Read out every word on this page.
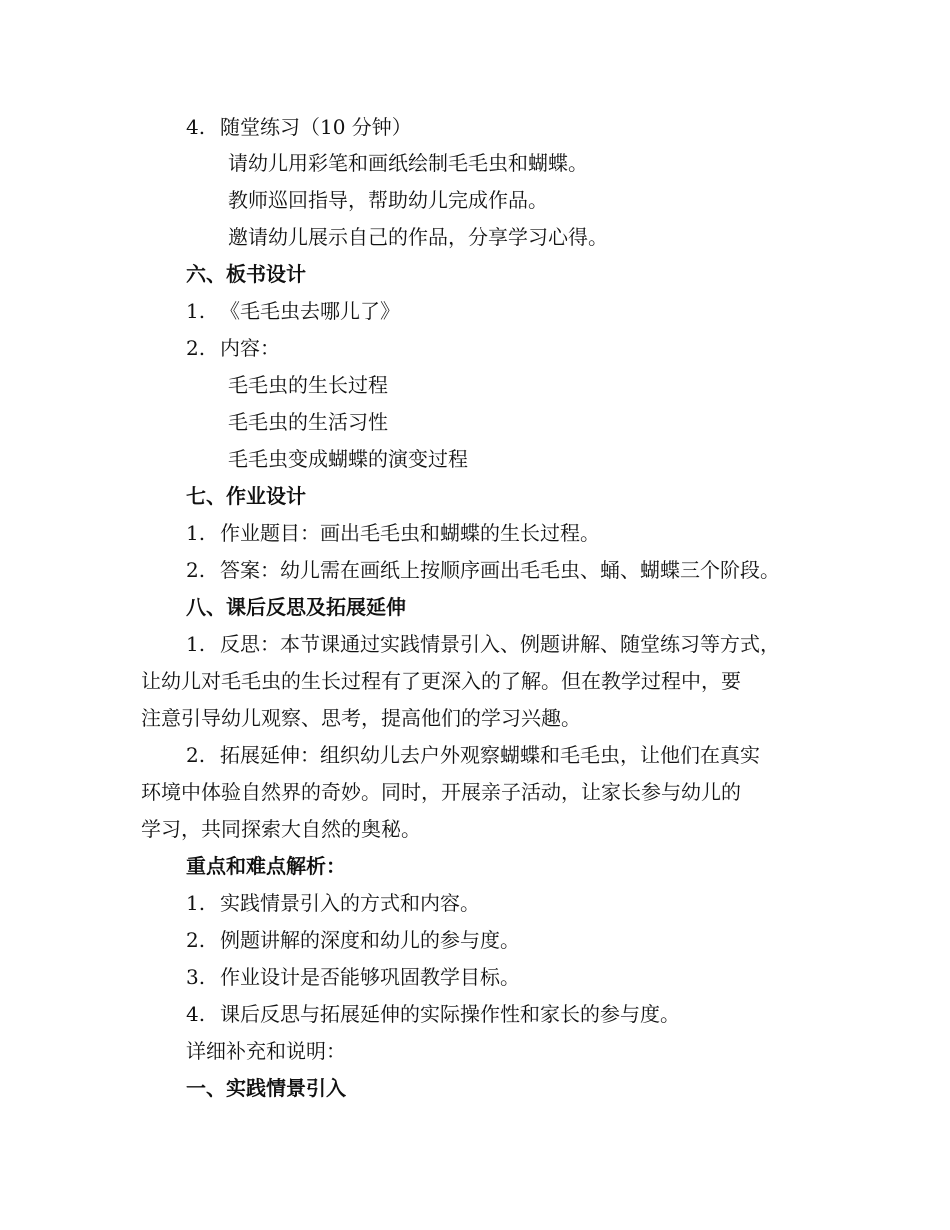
4. 随堂练习（10 分钟）
请幼儿用彩笔和画纸绘制毛毛虫和蝴蝶。
教师巡回指导，帮助幼儿完成作品。
邀请幼儿展示自己的作品，分享学习心得。
六、板书设计
1. 《毛毛虫去哪儿了》
2. 内容：
毛毛虫的生长过程
毛毛虫的生活习性
毛毛虫变成蝴蝶的演变过程
七、作业设计
1. 作业题目：画出毛毛虫和蝴蝶的生长过程。
2. 答案：幼儿需在画纸上按顺序画出毛毛虫、蛹、蝴蝶三个阶段。
八、课后反思及拓展延伸
1. 反思：本节课通过实践情景引入、例题讲解、随堂练习等方式，
让幼儿对毛毛虫的生长过程有了更深入的了解。但在教学过程中，要
注意引导幼儿观察、思考，提高他们的学习兴趣。
2. 拓展延伸：组织幼儿去户外观察蝴蝶和毛毛虫，让他们在真实
环境中体验自然界的奇妙。同时，开展亲子活动，让家长参与幼儿的
学习，共同探索大自然的奥秘。
重点和难点解析：
1. 实践情景引入的方式和内容。
2. 例题讲解的深度和幼儿的参与度。
3. 作业设计是否能够巩固教学目标。
4. 课后反思与拓展延伸的实际操作性和家长的参与度。
详细补充和说明：
一、实践情景引入
